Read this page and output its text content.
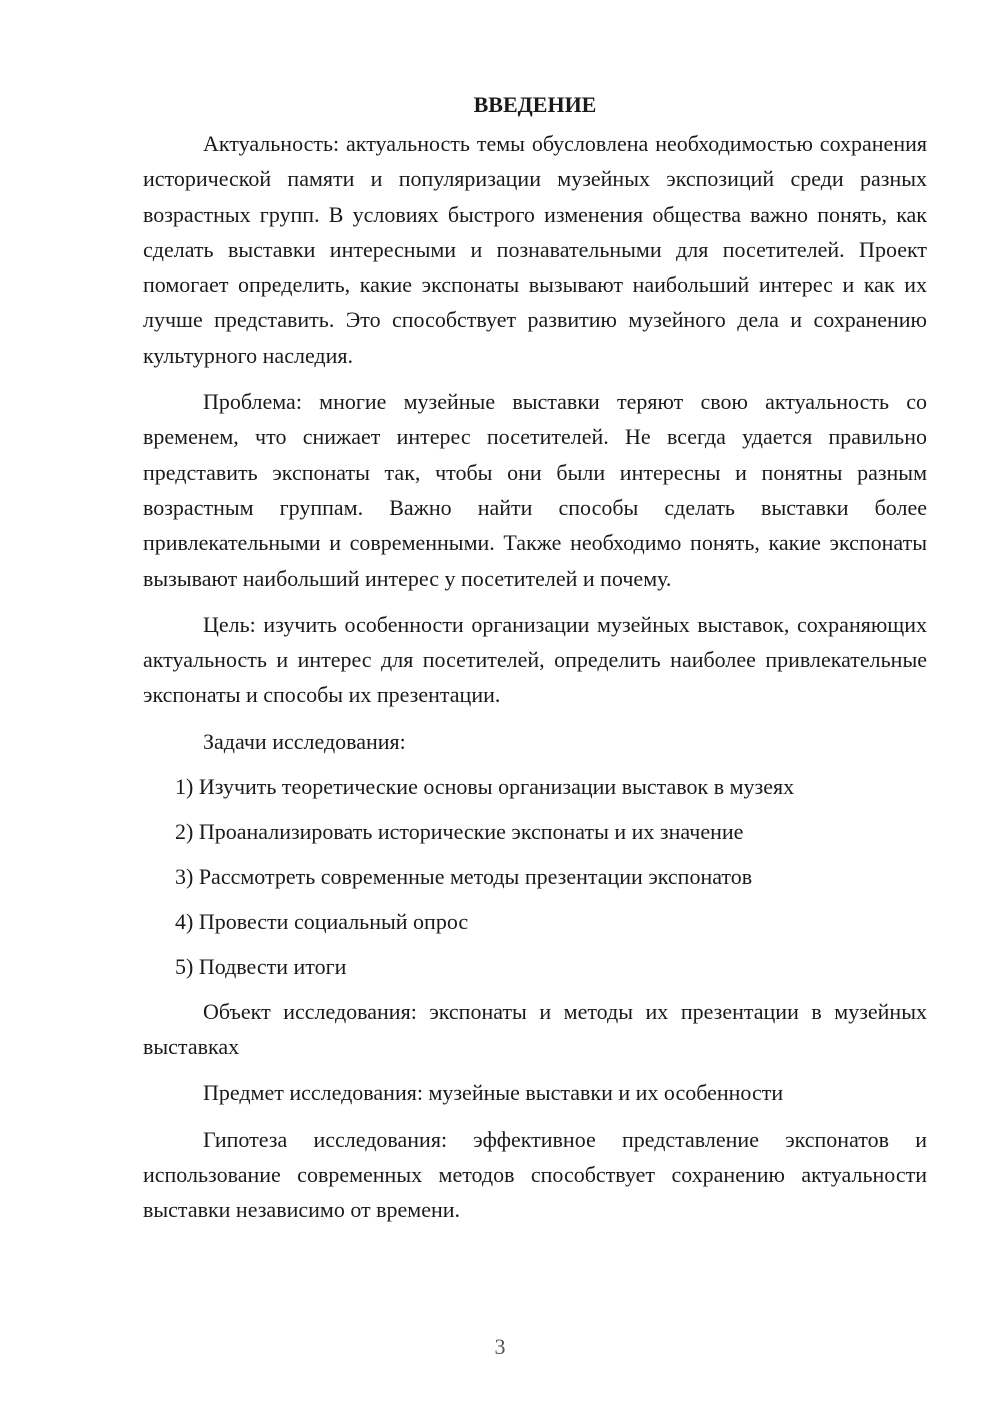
ВВЕДЕНИЕ

Актуальность: актуальность темы обусловлена необходимостью сохранения исторической памяти и популяризации музейных экспозиций среди разных возрастных групп. В условиях быстрого изменения общества важно понять, как сделать выставки интересными и познавательными для посетителей. Проект помогает определить, какие экспонаты вызывают наибольший интерес и как их лучше представить. Это способствует развитию музейного дела и сохранению культурного наследия.

Проблема: многие музейные выставки теряют свою актуальность со временем, что снижает интерес посетителей. Не всегда удается правильно представить экспонаты так, чтобы они были интересны и понятны разным возрастным группам. Важно найти способы сделать выставки более привлекательными и современными. Также необходимо понять, какие экспонаты вызывают наибольший интерес у посетителей и почему.

Цель: изучить особенности организации музейных выставок, сохраняющих актуальность и интерес для посетителей, определить наиболее привлекательные экспонаты и способы их презентации.

Задачи исследования:
1) Изучить теоретические основы организации выставок в музеях
2) Проанализировать исторические экспонаты и их значение
3) Рассмотреть современные методы презентации экспонатов
4) Провести социальный опрос
5) Подвести итоги

Объект исследования: экспонаты и методы их презентации в музейных выставках

Предмет исследования: музейные выставки и их особенности

Гипотеза исследования: эффективное представление экспонатов и использование современных методов способствует сохранению актуальности выставки независимо от времени.

3
